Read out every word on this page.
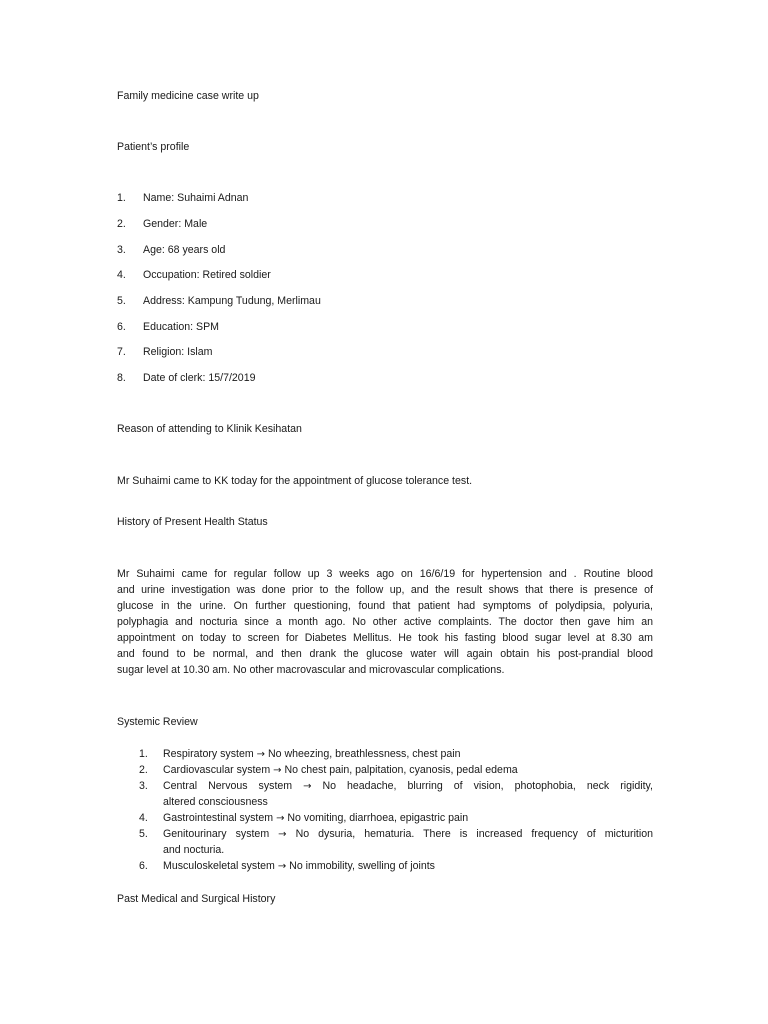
Family medicine case write up

Patient’s profile

1. Name: Suhaimi Adnan
2. Gender: Male
3. Age: 68 years old
4. Occupation: Retired soldier
5. Address: Kampung Tudung, Merlimau
6. Education: SPM
7. Religion: Islam
8. Date of clerk: 15/7/2019

Reason of attending to Klinik Kesihatan

Mr Suhaimi came to KK today for the appointment of glucose tolerance test.

History of Present Health Status

Mr Suhaimi came for regular follow up 3 weeks ago on 16/6/19 for hypertension and . Routine blood
and urine investigation was done prior to the follow up, and the result shows that there is presence of
glucose in the urine. On further questioning, found that patient had symptoms of polydipsia, polyuria,
polyphagia and nocturia since a month ago. No other active complaints. The doctor then gave him an
appointment on today to screen for Diabetes Mellitus. He took his fasting blood sugar level at 8.30 am
and found to be normal, and then drank the glucose water will again obtain his post-prandial blood
sugar level at 10.30 am. No other macrovascular and microvascular complications.

Systemic Review

1. Respiratory system → No wheezing, breathlessness, chest pain
2. Cardiovascular system → No chest pain, palpitation, cyanosis, pedal edema
3. Central Nervous system → No headache, blurring of vision, photophobia, neck rigidity,
altered consciousness
4. Gastrointestinal system → No vomiting, diarrhoea, epigastric pain
5. Genitourinary system → No dysuria, hematuria. There is increased frequency of micturition
and nocturia.
6. Musculoskeletal system → No immobility, swelling of joints

Past Medical and Surgical History
